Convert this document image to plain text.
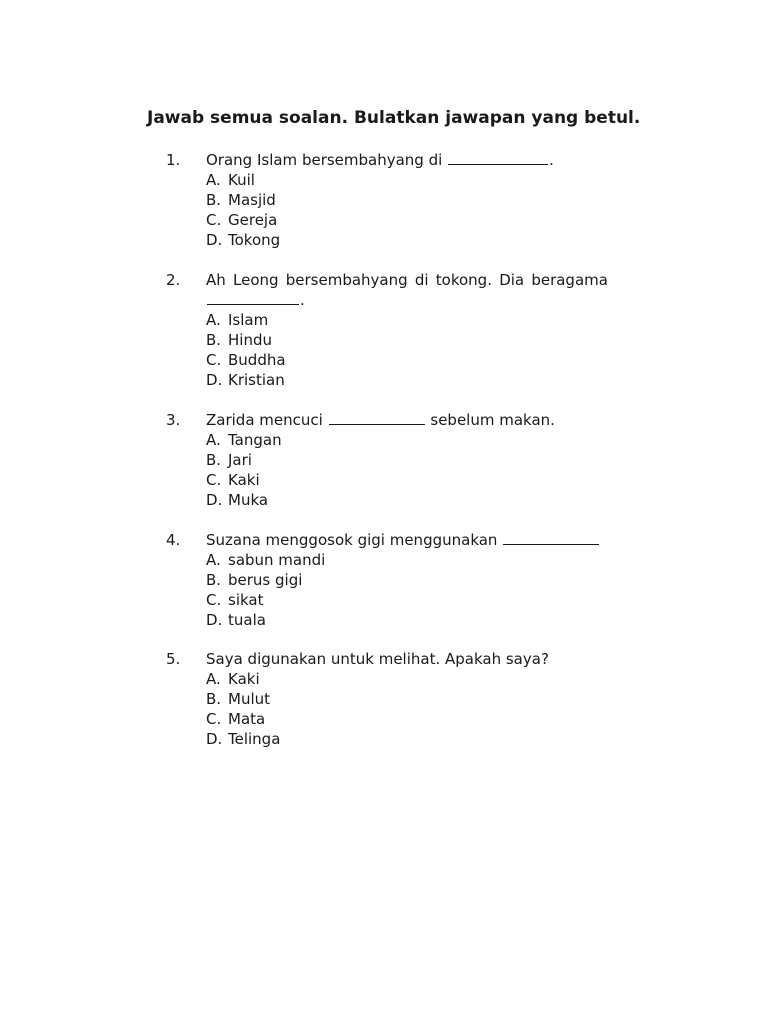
Jawab semua soalan. Bulatkan jawapan yang betul.
1.	Orang Islam bersembahyang di	.
A. Kuil
B. Masjid
C. Gereja
D. Tokong
2.	Ah Leong bersembahyang di tokong. Dia beragama
.
A. Islam
B. Hindu
C. Buddha
D. Kristian
3.	Zarida mencuci	sebelum makan.
A. Tangan
B. Jari
C. Kaki
D. Muka
4.	Suzana menggosok gigi menggunakan
A. sabun mandi
B. berus gigi
C. sikat
D. tuala
5.	Saya digunakan untuk melihat. Apakah saya?
A. Kaki
B. Mulut
C. Mata
D. Telinga
